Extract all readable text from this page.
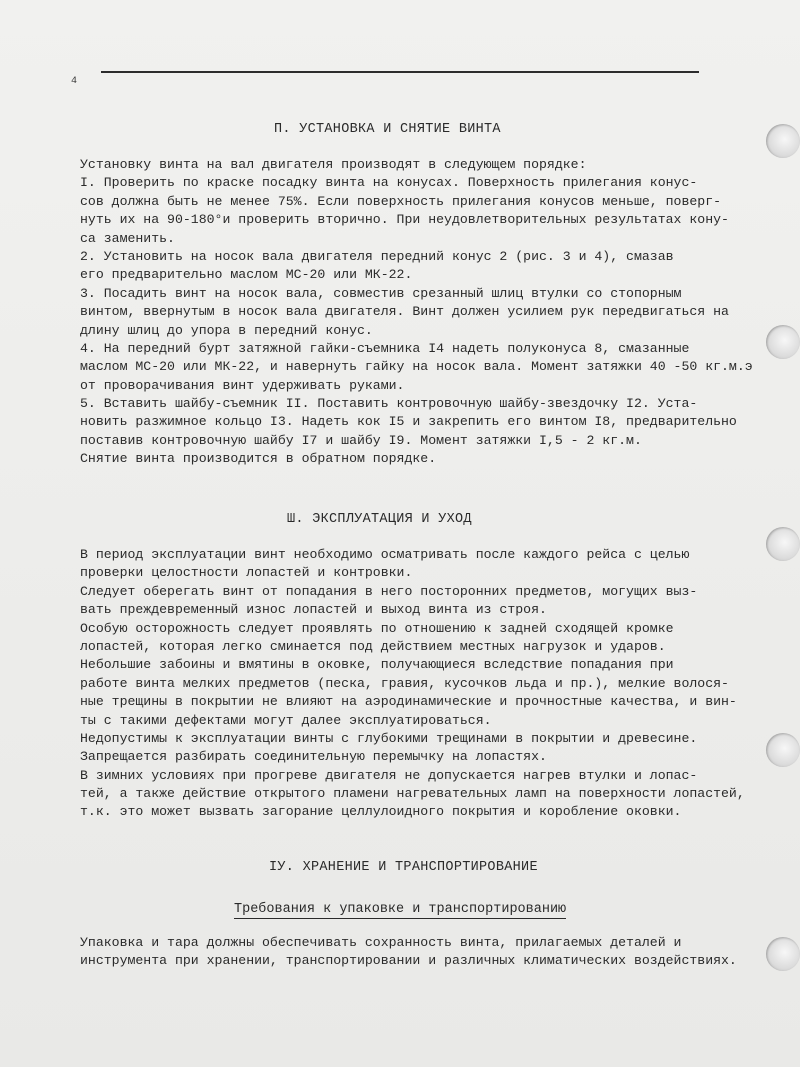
4
П. УСТАНОВКА И СНЯТИЕ ВИНТА
Установку винта на вал двигателя производят в следующем порядке:
I. Проверить по краске посадку винта на конусах. Поверхность прилегания конус-
сов должна быть не менее 75%. Если поверхность прилегания конусов меньше, поверг-
нуть их на 90-180°и проверить вторично. При неудовлетворительных результатах кону-
са заменить.
2. Установить на носок вала двигателя передний конус 2 (рис. 3 и 4), смазав
его предварительно маслом МС-20 или МК-22.
3. Посадить винт на носок вала, совместив срезанный шлиц втулки со стопорным
винтом, ввернутым в носок вала двигателя. Винт должен усилием рук передвигаться на
длину шлиц до упора в передний конус.
4. На передний бурт затяжной гайки-съемника I4 надеть полуконуса 8, смазанные
маслом МС-20 или МК-22, и навернуть гайку на носок вала. Момент затяжки 40 -50 кг.м.э
от проворачивания винт удерживать руками.
5. Вставить шайбу-съемник II. Поставить контровочную шайбу-звездочку I2. Уста-
новить разжимное кольцо I3. Надеть кок I5 и закрепить его винтом I8, предварительно
поставив контровочную шайбу I7 и шайбу I9. Момент затяжки I,5 - 2 кг.м.
Снятие винта производится в обратном порядке.
Ш. ЭКСПЛУАТАЦИЯ И УХОД
В период эксплуатации винт необходимо осматривать после каждого рейса с целью
проверки целостности лопастей и контровки.
Следует оберегать винт от попадания в него посторонних предметов, могущих выз-
вать преждевременный износ лопастей и выход винта из строя.
Особую осторожность следует проявлять по отношению к задней сходящей кромке
лопастей, которая легко сминается под действием местных нагрузок и ударов.
Небольшие забоины и вмятины в оковке, получающиеся вследствие попадания при
работе винта мелких предметов (песка, гравия, кусочков льда и пр.), мелкие волося-
ные трещины в покрытии не влияют на аэродинамические и прочностные качества, и вин-
ты с такими дефектами могут далее эксплуатироваться.
Недопустимы к эксплуатации винты с глубокими трещинами в покрытии и древесине.
Запрещается разбирать соединительную перемычку на лопастях.
В зимних условиях при прогреве двигателя не допускается нагрев втулки и лопас-
тей, а также действие открытого пламени нагревательных ламп на поверхности лопастей,
т.к. это может вызвать загорание целлулоидного покрытия и коробление оковки.
IУ. ХРАНЕНИЕ И ТРАНСПОРТИРОВАНИЕ
Требования к упаковке и транспортированию
Упаковка и тара должны обеспечивать сохранность винта, прилагаемых деталей и
инструмента при хранении, транспортировании и различных климатических воздействиях.
